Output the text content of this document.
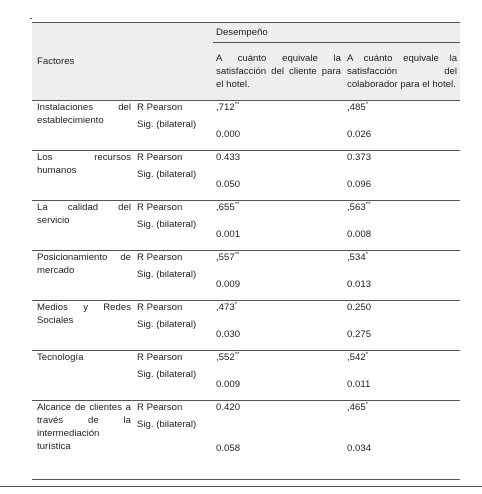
Factores		Desempeño	
		A cuánto equivale la satisfacción del cliente para el hotel.	A cuánto equivale la satisfacción del colaborador para el hotel.
Instalaciones del establecimiento	R Pearson	,712**	,485*
	Sig. (bilateral)	0.000	0.026
Los recursos humanos	R Pearson	0.433	0.373
	Sig. (bilateral)	0.050	0.096
La calidad del servicio	R Pearson	,655**	,563**
	Sig. (bilateral)	0.001	0.008
Posicionamiento de mercado	R Pearson	,557**	,534*
	Sig. (bilateral)	0.009	0.013
Medios y Redes Sociales	R Pearson	,473*	0.250
	Sig. (bilateral)	0.030	0.275
Tecnología	R Pearson	,552**	,542*
	Sig. (bilateral)	0.009	0.011
Alcance de clientes a través de la intermediación turística	R Pearson	0.420	,465*
	Sig. (bilateral)	0.058	0.034
